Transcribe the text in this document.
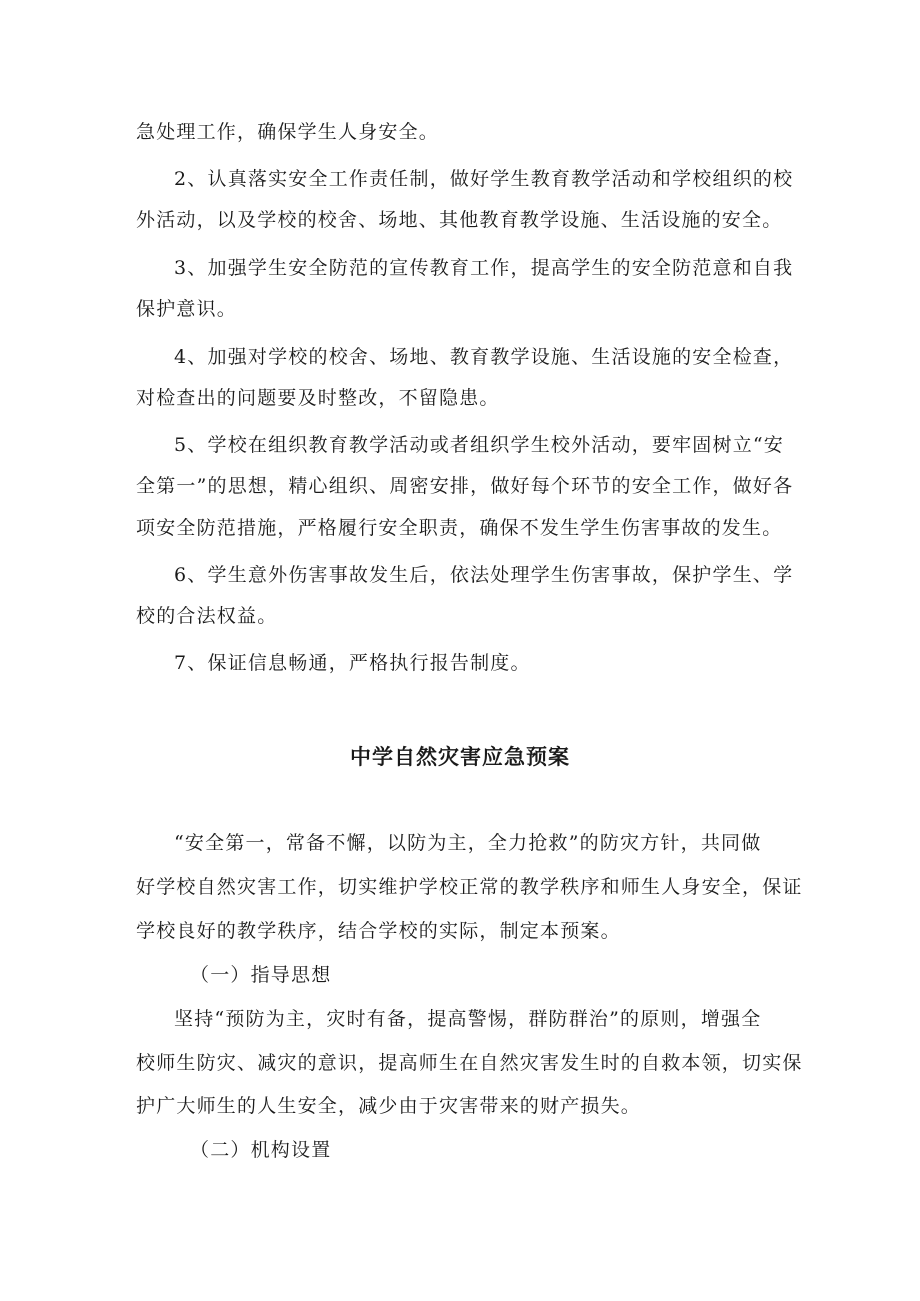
急处理工作，确保学生人身安全。
2、认真落实安全工作责任制，做好学生教育教学活动和学校组织的校
外活动，以及学校的校舍、场地、其他教育教学设施、生活设施的安全。
3、加强学生安全防范的宣传教育工作，提高学生的安全防范意和自我
保护意识。
4、加强对学校的校舍、场地、教育教学设施、生活设施的安全检查，
对检查出的问题要及时整改，不留隐患。
5、学校在组织教育教学活动或者组织学生校外活动，要牢固树立“安
全第一”的思想，精心组织、周密安排，做好每个环节的安全工作，做好各
项安全防范措施，严格履行安全职责，确保不发生学生伤害事故的发生。
6、学生意外伤害事故发生后，依法处理学生伤害事故，保护学生、学
校的合法权益。
7、保证信息畅通，严格执行报告制度。
中学自然灾害应急预案
“安全第一，常备不懈，以防为主，全力抢救”的防灾方针，共同做
好学校自然灾害工作，切实维护学校正常的教学秩序和师生人身安全，保证
学校良好的教学秩序，结合学校的实际，制定本预案。
（一）指导思想
坚持“预防为主，灾时有备，提高警惕，群防群治”的原则，增强全
校师生防灾、减灾的意识，提高师生在自然灾害发生时的自救本领，切实保
护广大师生的人生安全，减少由于灾害带来的财产损失。
（二）机构设置
